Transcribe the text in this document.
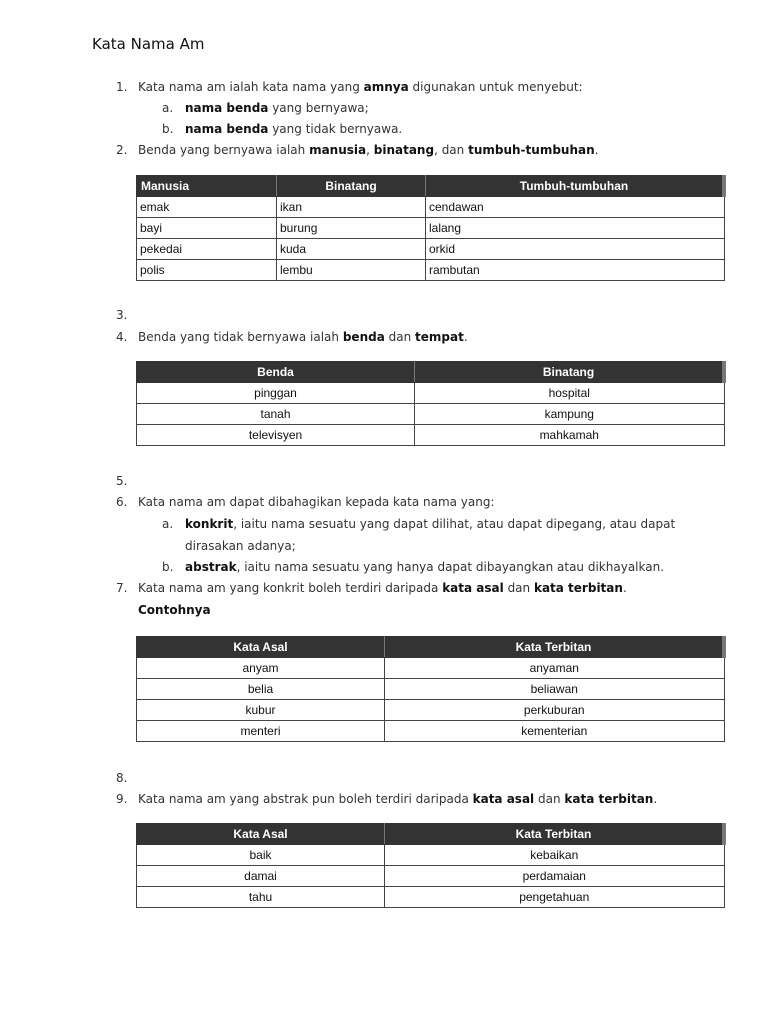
Kata Nama Am
1. Kata nama am ialah kata nama yang amnya digunakan untuk menyebut:
a. nama benda yang bernyawa;
b. nama benda yang tidak bernyawa.
2. Benda yang bernyawa ialah manusia, binatang, dan tumbuh-tumbuhan.
Manusia	Binatang	Tumbuh-tumbuhan
emak	ikan	cendawan
bayi	burung	lalang
pekedai	kuda	orkid
polis	lembu	rambutan
3.
4. Benda yang tidak bernyawa ialah benda dan tempat.
Benda	Binatang
pinggan	hospital
tanah	kampung
televisyen	mahkamah
5.
6. Kata nama am dapat dibahagikan kepada kata nama yang:
a. konkrit, iaitu nama sesuatu yang dapat dilihat, atau dapat dipegang, atau dapat
dirasakan adanya;
b. abstrak, iaitu nama sesuatu yang hanya dapat dibayangkan atau dikhayalkan.
7. Kata nama am yang konkrit boleh terdiri daripada kata asal dan kata terbitan.
Contohnya
Kata Asal	Kata Terbitan
anyam	anyaman
belia	beliawan
kubur	perkuburan
menteri	kementerian
8.
9. Kata nama am yang abstrak pun boleh terdiri daripada kata asal dan kata terbitan.
Kata Asal	Kata Terbitan
baik	kebaikan
damai	perdamaian
tahu	pengetahuan
